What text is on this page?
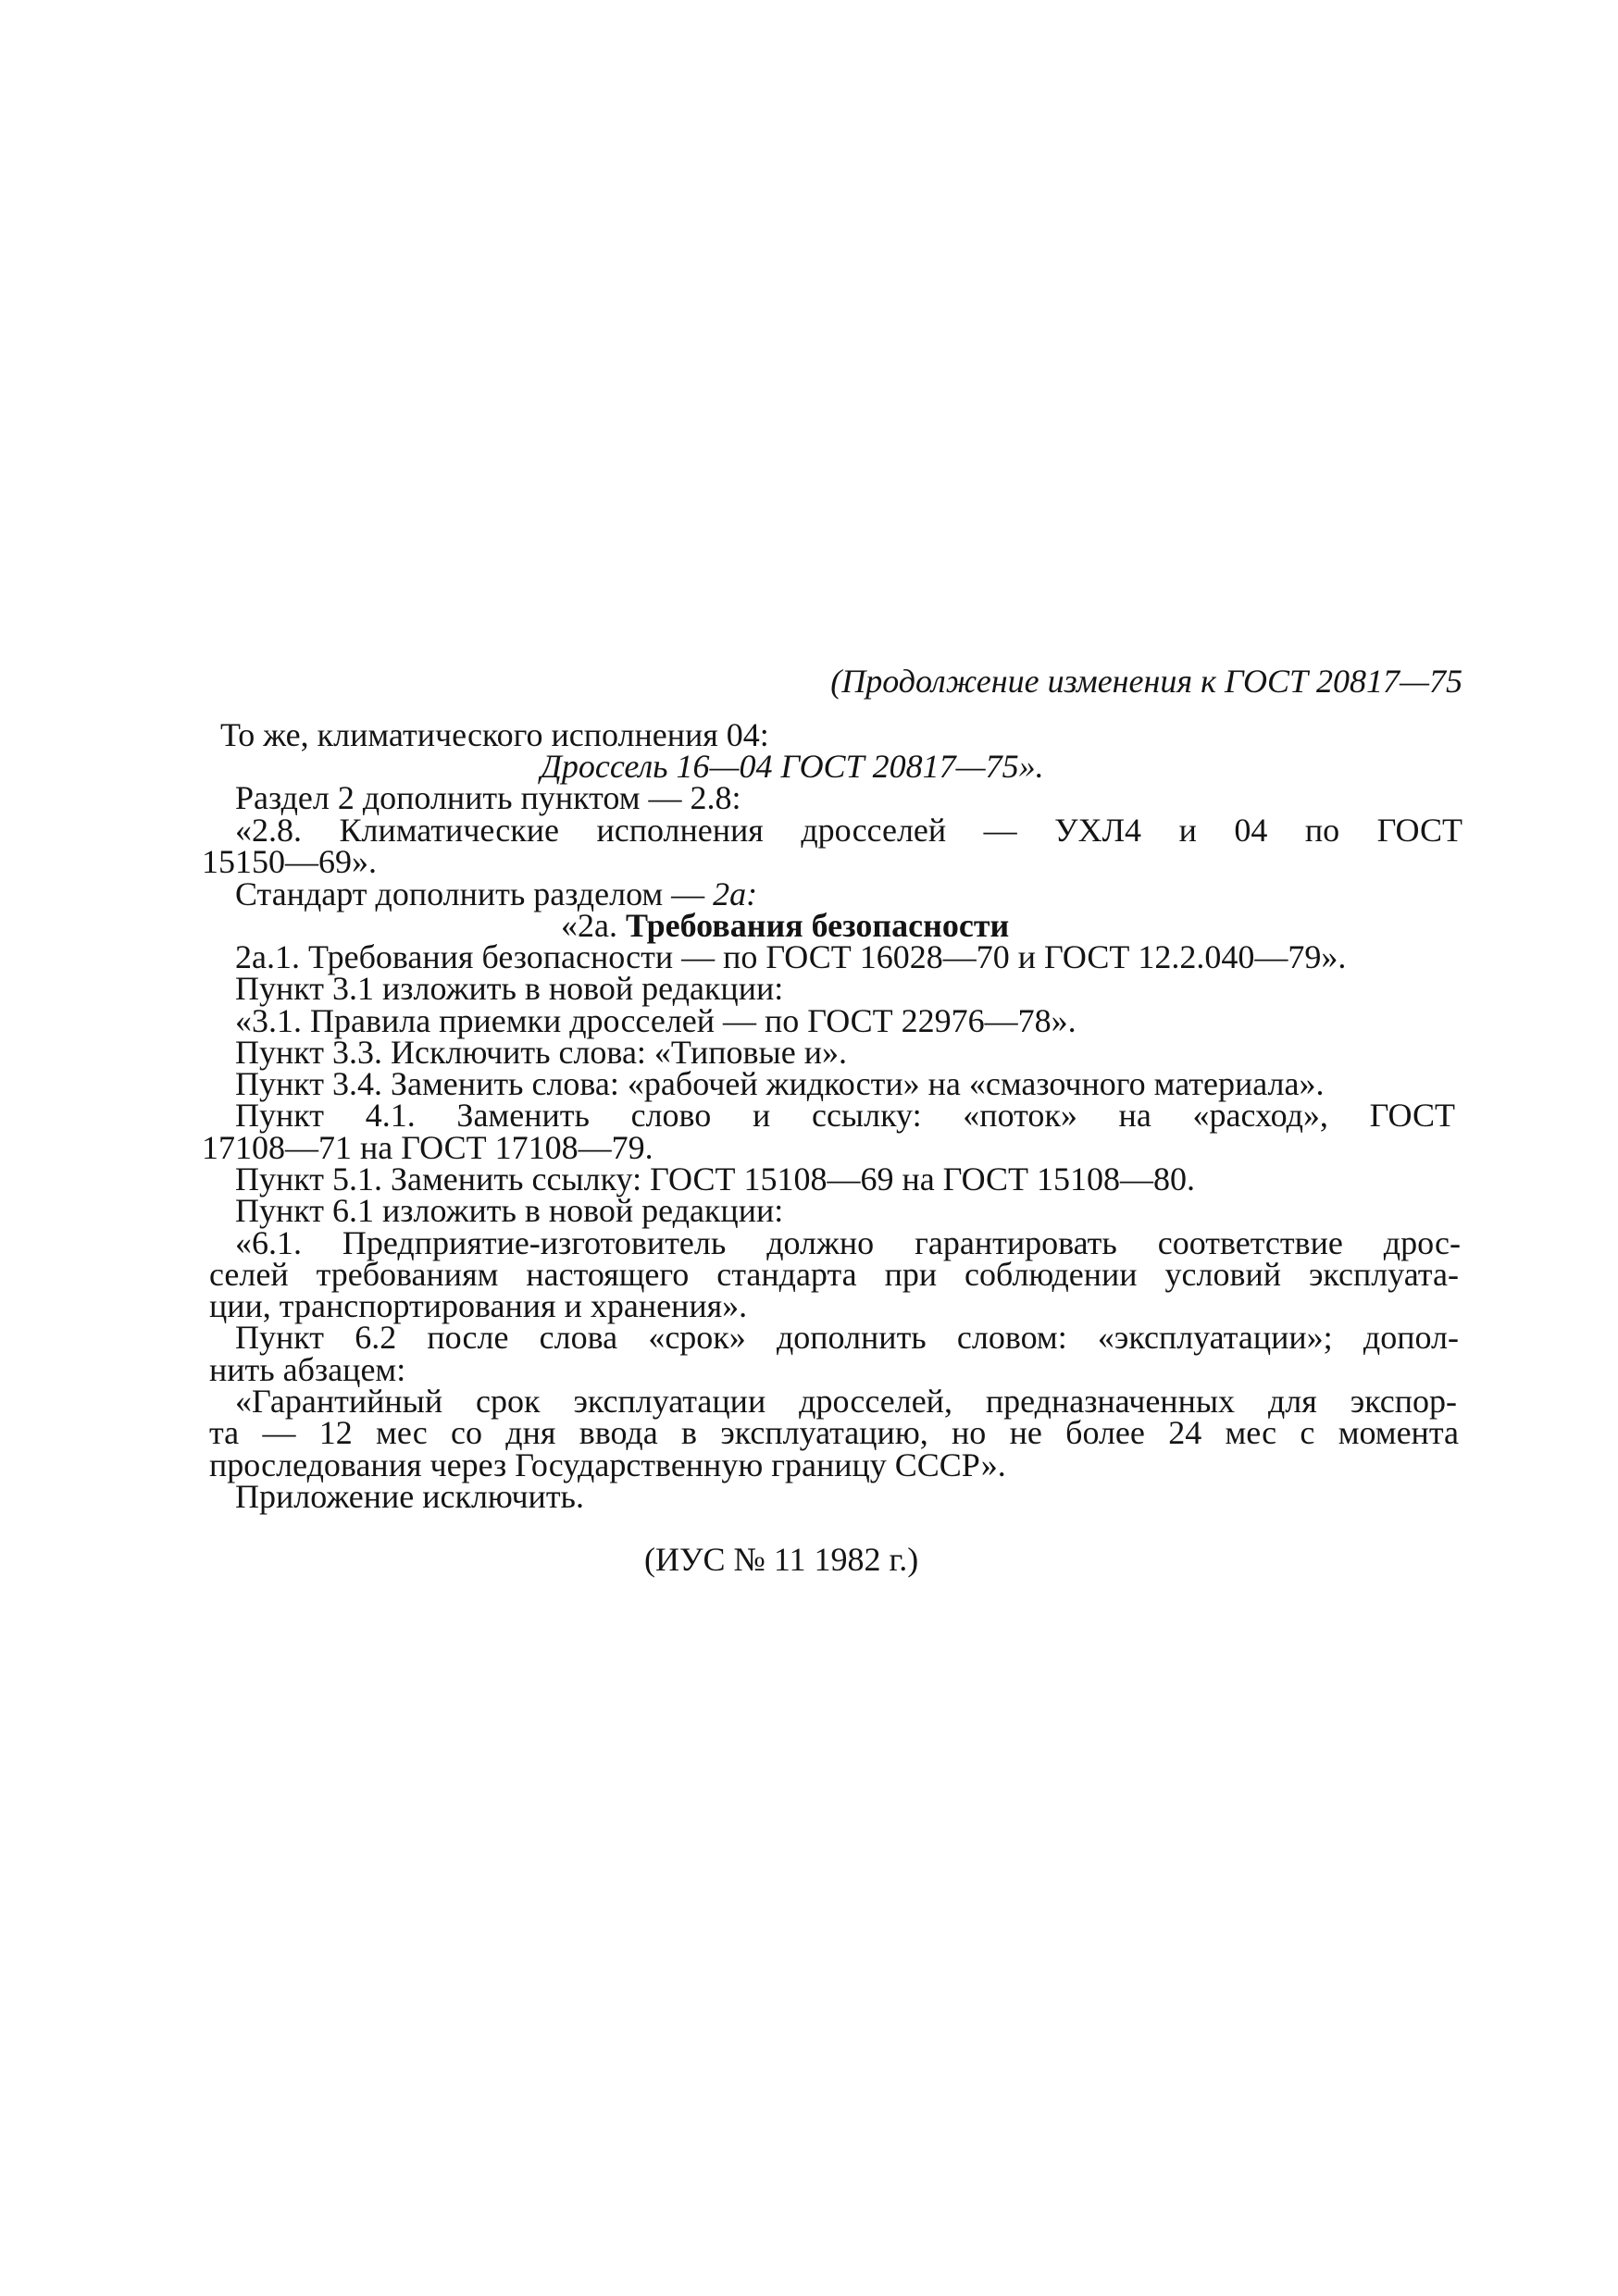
(Продолжение изменения к ГОСТ 20817—75

То же, климатического исполнения 04:

Дроссель 16—04 ГОСТ 20817—75».

Раздел 2 дополнить пунктом — 2.8:

«2.8. Климатические исполнения дросселей — УХЛ4 и 04 по ГОСТ

15150—69».

Стандарт дополнить разделом — 2а:

«2а. Требования безопасности

2а.1. Требования безопасности — по ГОСТ 16028—70 и ГОСТ 12.2.040—79».

Пункт 3.1 изложить в новой редакции:

«3.1. Правила приемки дросселей — по ГОСТ 22976—78».

Пункт 3.3. Исключить слова: «Типовые и».

Пункт 3.4. Заменить слова: «рабочей жидкости» на «смазочного материала».

Пункт 4.1. Заменить слово и ссылку: «поток» на «расход», ГОСТ

17108—71 на ГОСТ 17108—79.

Пункт 5.1. Заменить ссылку: ГОСТ 15108—69 на ГОСТ 15108—80.

Пункт 6.1 изложить в новой редакции:

«6.1. Предприятие-изготовитель должно гарантировать соответствие дрос-
селей требованиям настоящего стандарта при соблюдении условий эксплуата-

ции, транспортирования и хранения».

Пункт 6.2 после слова «срок» дополнить словом: «эксплуатации»; допол-

нить абзацем:

«Гарантийный срок эксплуатации дросселей, предназначенных для экспор-
та — 12 мес со дня ввода в эксплуатацию, но не более 24 мес с момента

проследования через Государственную границу СССР».

Приложение исключить.

(ИУС № 11 1982 г.)
